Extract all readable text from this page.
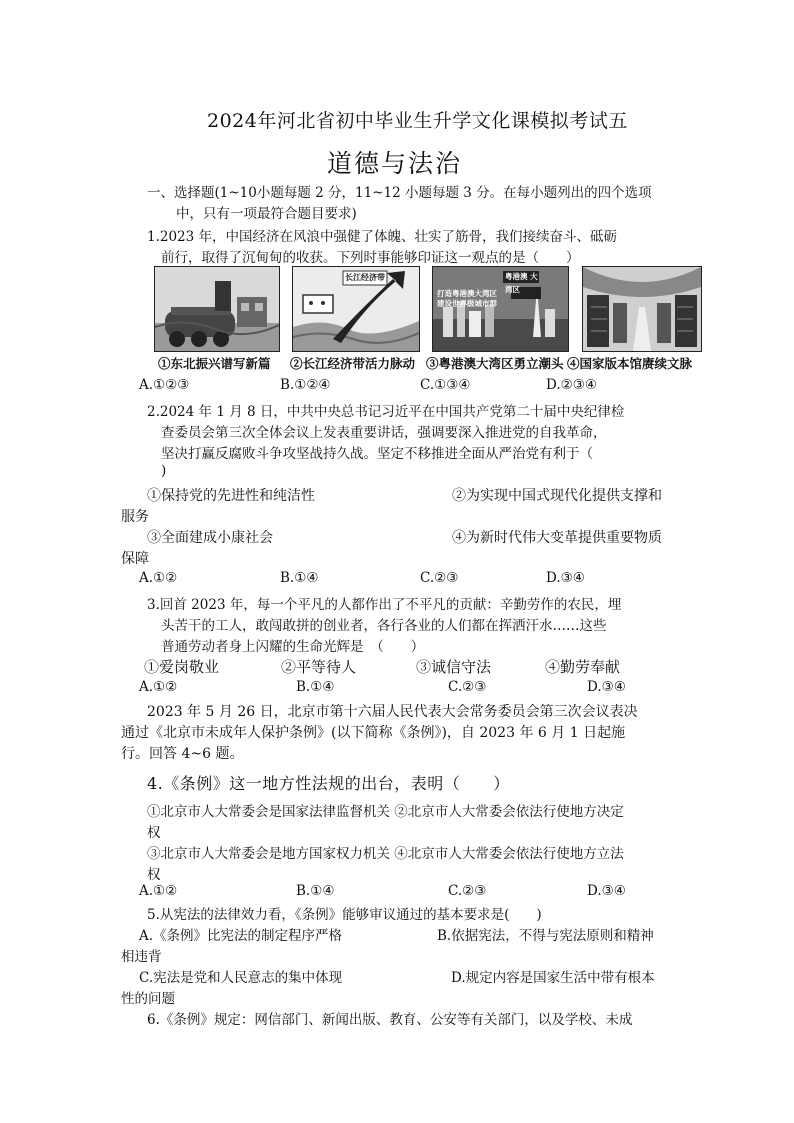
2024年河北省初中毕业生升学文化课模拟考试五
道德与法治
一、选择题(1~10小题每题 2 分，11~12 小题每题 3 分。在每小题列出的四个选项
中，只有一项最符合题目要求)
1.2023 年，中国经济在风浪中强健了体魄、壮实了筋骨，我们接续奋斗、砥砺
前行，取得了沉甸甸的收获。下列时事能够印证这一观点的是（　　）
长江经济带
打造粤港澳大湾区 建设世界级城市群
粤港澳 大湾区
①东北振兴谱写新篇 ②长江经济带活力脉动 ③粤港澳大湾区勇立潮头 ④国家版本馆赓续文脉
A.①②③	B.①②④	C.①③④	D.②③④
2.2024 年 1 月 8 日，中共中央总书记习近平在中国共产党第二十届中央纪律检
查委员会第三次全体会议上发表重要讲话，强调要深入推进党的自我革命，
坚决打赢反腐败斗争攻坚战持久战。坚定不移推进全面从严治党有利于（
)
①保持党的先进性和纯洁性	②为实现中国式现代化提供支撑和
服务
③全面建成小康社会	④为新时代伟大变革提供重要物质
保障
A.①②	B.①④	C.②③	D.③④
3.回首 2023 年，每一个平凡的人都作出了不平凡的贡献：辛勤劳作的农民，埋
头苦干的工人，敢闯敢拼的创业者，各行各业的人们都在挥洒汗水……这些
普通劳动者身上闪耀的生命光辉是　（　　）
①爱岗敬业	②平等待人	③诚信守法	④勤劳奉献
A.①②	B.①④	C.②③	D.③④
2023 年 5 月 26 日，北京市第十六届人民代表大会常务委员会第三次会议表决
通过《北京市未成年人保护条例》(以下简称《条例》)，自 2023 年 6 月 1 日起施
行。回答 4~6 题。
4.《条例》这一地方性法规的出台，表明（　　）
①北京市人大常委会是国家法律监督机关 ②北京市人大常委会依法行使地方决定
权
③北京市人大常委会是地方国家权力机关 ④北京市人大常委会依法行使地方立法
权
A.①②	B.①④	C.②③	D.③④
5.从宪法的法律效力看，《条例》能够审议通过的基本要求是(　　)
A.《条例》比宪法的制定程序严格	B.依据宪法，不得与宪法原则和精神
相违背
C.宪法是党和人民意志的集中体现	D.规定内容是国家生活中带有根本
性的问题
6.《条例》规定：网信部门、新闻出版、教育、公安等有关部门，以及学校、未成
